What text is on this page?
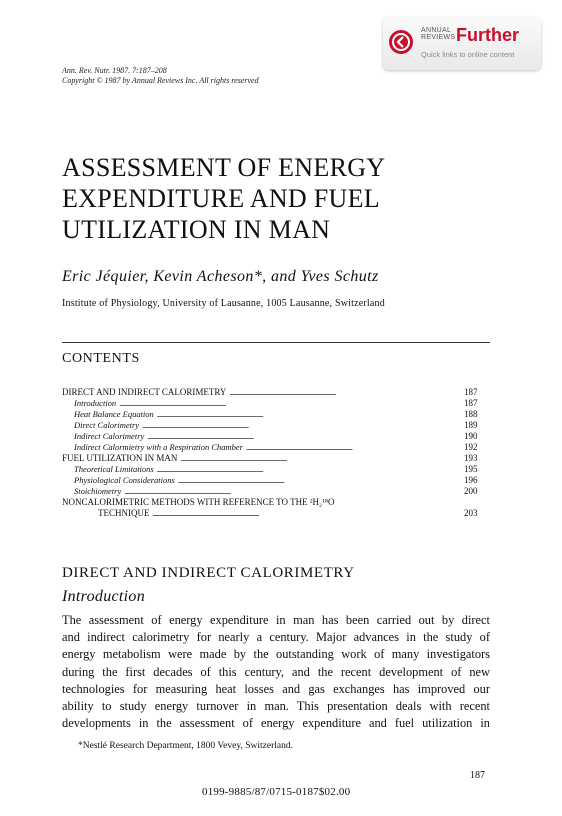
ANNUAL
REVIEWS Further
Quick links to online content
Ann. Rev. Nutr. 1987. 7:187–208
Copyright © 1987 by Annual Reviews Inc. All rights reserved
ASSESSMENT OF ENERGY
EXPENDITURE AND FUEL
UTILIZATION IN MAN
Eric Jéquier, Kevin Acheson*, and Yves Schutz
Institute of Physiology, University of Lausanne, 1005 Lausanne, Switzerland
CONTENTS
DIRECT AND INDIRECT CALORIMETRY . . .	187
Introduction . . .	187
Heat Balance Equation . . .	188
Direct Calorimetry . . .	189
Indirect Calorimetry . . .	190
Indirect Calormietry with a Respiration Chamber . . .	192
FUEL UTILIZATION IN MAN . . .	193
Theoretical Limitations . . .	195
Physiological Considerations . . .	196
Stoichiometry . . .	200
NONCALORIMETRIC METHODS WITH REFERENCE TO THE ²H₂¹⁸O
TECHNIQUE . . .	203
DIRECT AND INDIRECT CALORIMETRY
Introduction
The assessment of energy expenditure in man has been carried out by direct
and indirect calorimetry for nearly a century. Major advances in the study of
energy metabolism were made by the outstanding work of many investigators
during the first decades of this century, and the recent development of new
technologies for measuring heat losses and gas exchanges has improved our
ability to study energy turnover in man. This presentation deals with recent
developments in the assessment of energy expenditure and fuel utilization in
*Nestlé Research Department, 1800 Vevey, Switzerland.
187
0199-9885/87/0715-0187$02.00
